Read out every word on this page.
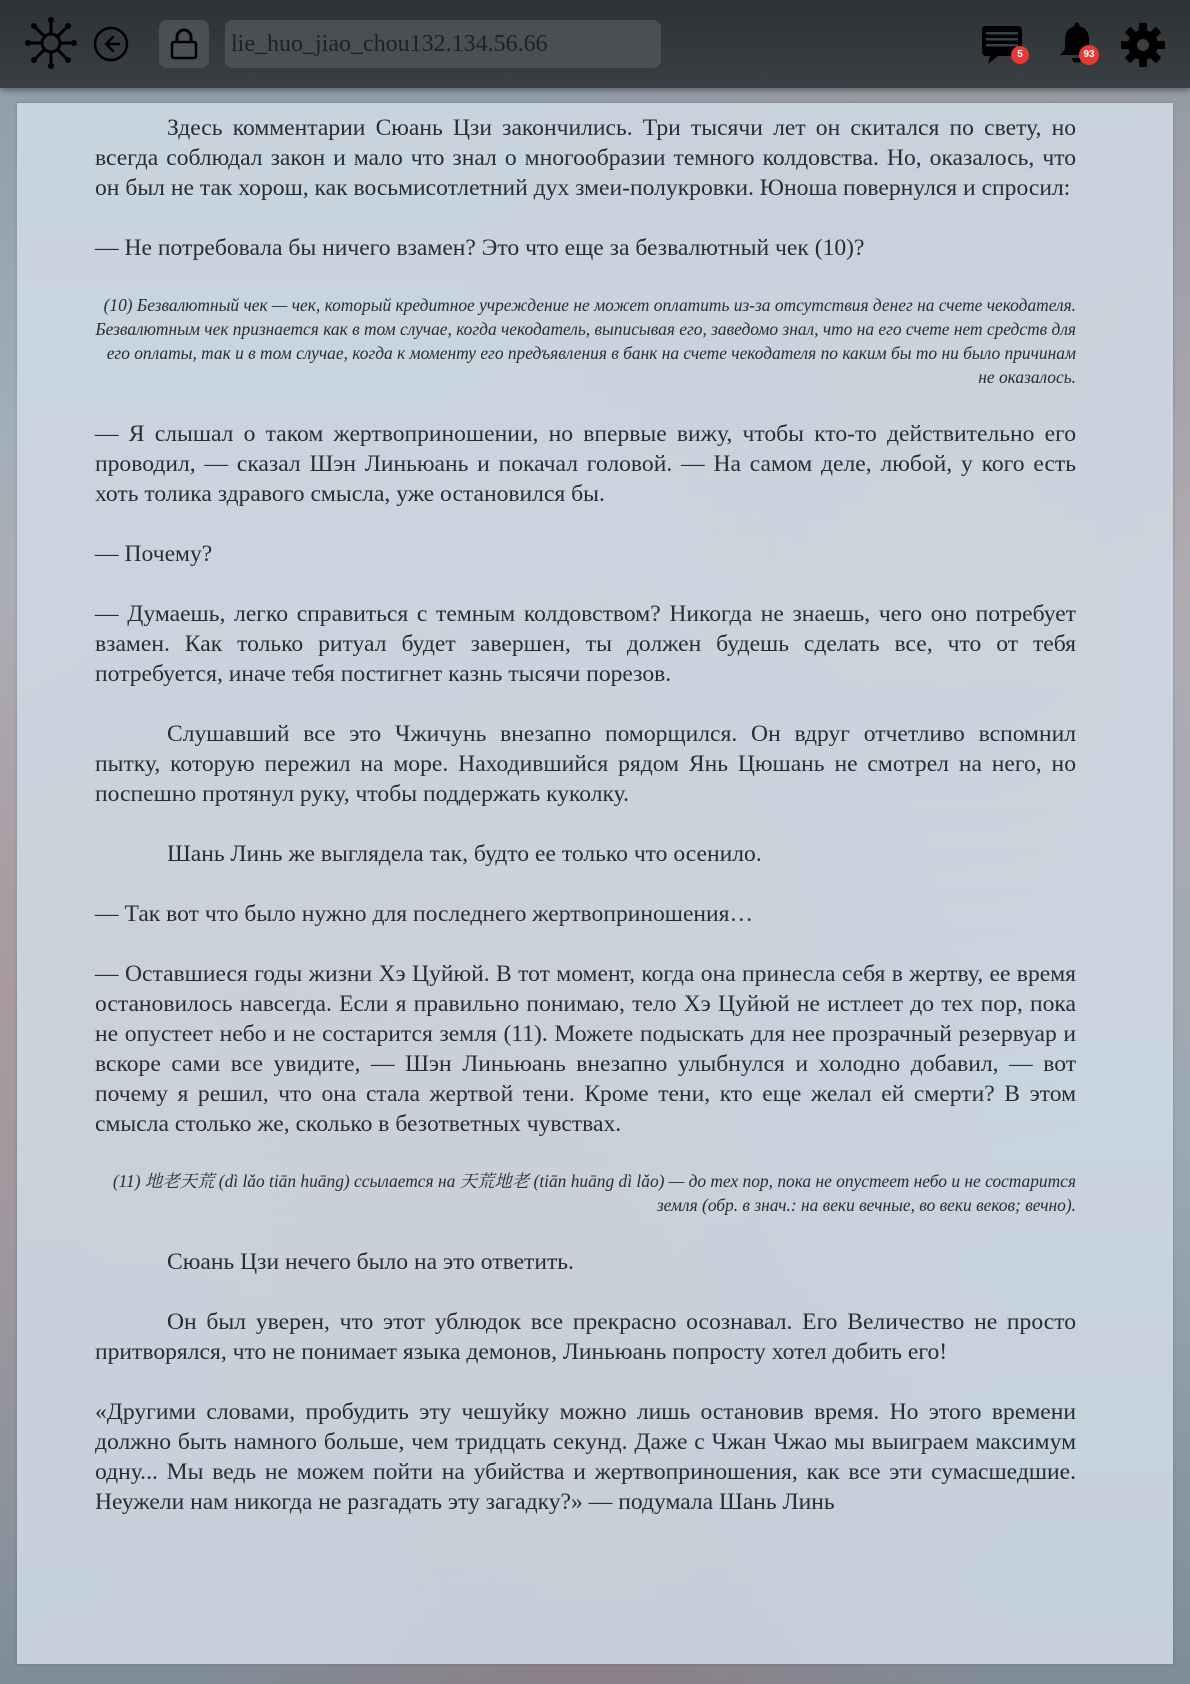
lie_huo_jiao_chou132.134.56.66
5	93

Здесь комментарии Сюань Цзи закончились. Три тысячи лет он скитался по свету, но всегда соблюдал закон и мало что знал о многообразии темного колдовства. Но, оказалось, что он был не так хорош, как восьмисотлетний дух змеи-полукровки. Юноша повернулся и спросил:

— Не потребовала бы ничего взамен? Это что еще за безвалютный чек (10)?

(10) Безвалютный чек — чек, который кредитное учреждение не может оплатить из-за отсутствия денег на счете чекодателя. Безвалютным чек признается как в том случае, когда чекодатель, выписывая его, заведомо знал, что на его счете нет средств для его оплаты, так и в том случае, когда к моменту его предъявления в банк на счете чекодателя по каким бы то ни было причинам не оказалось.

— Я слышал о таком жертвоприношении, но впервые вижу, чтобы кто-то действительно его проводил, — сказал Шэн Линьюань и покачал головой. — На самом деле, любой, у кого есть хоть толика здравого смысла, уже остановился бы.

— Почему?

— Думаешь, легко справиться с темным колдовством? Никогда не знаешь, чего оно потребует взамен. Как только ритуал будет завершен, ты должен будешь сделать все, что от тебя потребуется, иначе тебя постигнет казнь тысячи порезов.

Слушавший все это Чжичунь внезапно поморщился. Он вдруг отчетливо вспомнил пытку, которую пережил на море. Находившийся рядом Янь Цюшань не смотрел на него, но поспешно протянул руку, чтобы поддержать куколку.

Шань Линь же выглядела так, будто ее только что осенило.

— Так вот что было нужно для последнего жертвоприношения…

— Оставшиеся годы жизни Хэ Цуйюй. В тот момент, когда она принесла себя в жертву, ее время остановилось навсегда. Если я правильно понимаю, тело Хэ Цуйюй не истлеет до тех пор, пока не опустеет небо и не состарится земля (11). Можете подыскать для нее прозрачный резервуар и вскоре сами все увидите, — Шэн Линьюань внезапно улыбнулся и холодно добавил, — вот почему я решил, что она стала жертвой тени. Кроме тени, кто еще желал ей смерти? В этом смысла столько же, сколько в безответных чувствах.

(11) 地老天荒 (dì lǎo tiān huāng) ссылается на 天荒地老 (tiān huāng dì lǎo) — до тех пор, пока не опустеет небо и не состарится земля (обр. в знач.: на веки вечные, во веки веков; вечно).

Сюань Цзи нечего было на это ответить.

Он был уверен, что этот ублюдок все прекрасно осознавал. Его Величество не просто притворялся, что не понимает языка демонов, Линьюань попросту хотел добить его!

«Другими словами, пробудить эту чешуйку можно лишь остановив время. Но этого времени должно быть намного больше, чем тридцать секунд. Даже с Чжан Чжао мы выиграем максимум одну... Мы ведь не можем пойти на убийства и жертвоприношения, как все эти сумасшедшие. Неужели нам никогда не разгадать эту загадку?» — подумала Шань Линь
